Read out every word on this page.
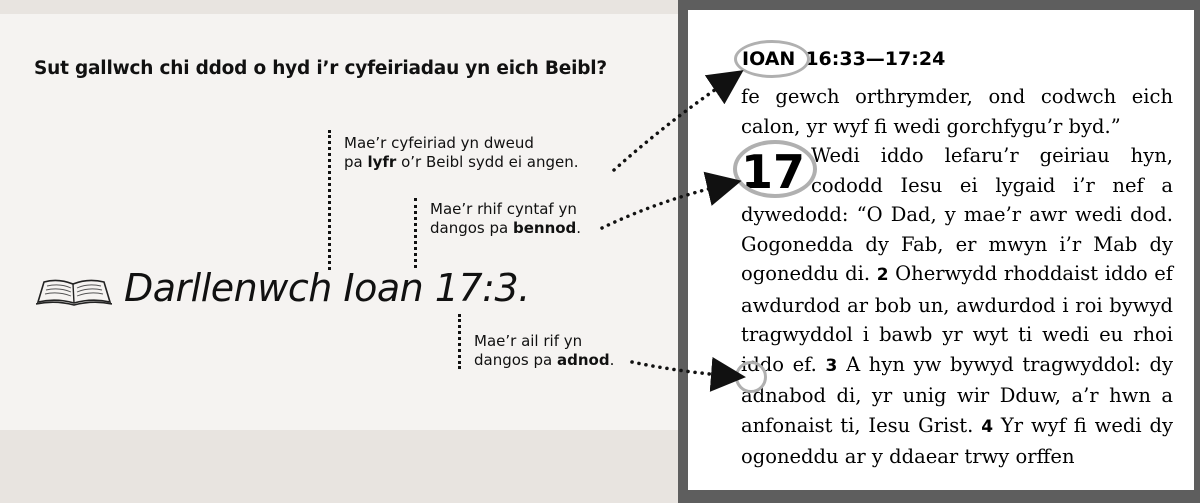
Sut gallwch chi ddod o hyd i’r cyfeiriadau yn eich Beibl?
Mae’r cyfeiriad yn dweud
pa lyfr o’r Beibl sydd ei angen.
Mae’r rhif cyntaf yn
dangos pa bennod.
Mae’r ail rif yn
dangos pa adnod.
Darllenwch Ioan 17:3.
IOAN 16:33—17:24

fe gewch orthrymder, ond codwch eich calon, yr wyf fi wedi gorchfygu’r byd.”

17 Wedi iddo lefaru’r geiriau hyn, cododd Iesu ei lygaid i’r nef a dywedodd: “O Dad, y mae’r awr wedi dod. Gogonedda dy Fab, er mwyn i’r Mab dy ogoneddu di. 2 Oherwydd rhoddaist iddo ef awdurdod ar bob un, awdurdod i roi bywyd tragwyddol i bawb yr wyt ti wedi eu rhoi iddo ef. 3 A hyn yw bywyd tragwyddol: dy adnabod di, yr unig wir Dduw, a’r hwn a anfonaist ti, Iesu Grist. 4 Yr wyf fi wedi dy ogoneddu ar y ddaear trwy orffen
